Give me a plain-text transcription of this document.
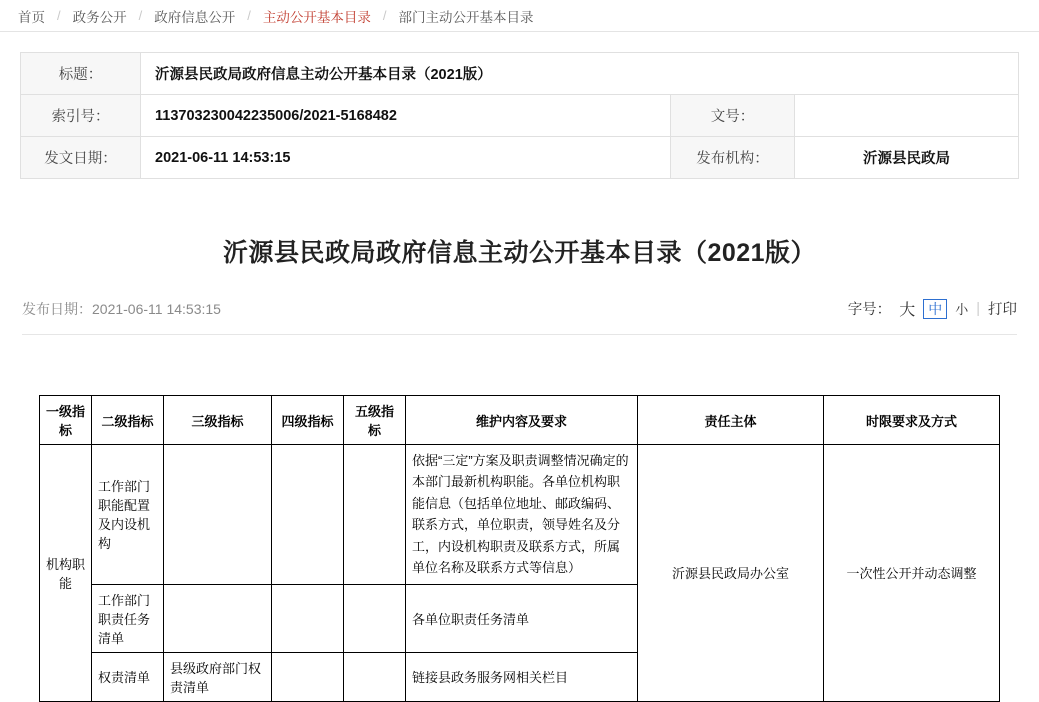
首页 / 政务公开 / 政府信息公开 / 主动公开基本目录 / 部门主动公开基本目录
标题：	沂源县民政局政府信息主动公开基本目录（2021版）		
索引号：	113703230042235006/2021-5168482	文号：	
发文日期：	2021-06-11 14:53:15	发布机构：	沂源县民政局
沂源县民政局政府信息主动公开基本目录（2021版）
发布日期：2021-06-11 14:53:15	字号： 大 中	小 | 打印
一级指标	二级指标	三级指标	四级指标	五级指标	维护内容及要求	责任主体	时限要求及方式
机构职能	工作部门职能配置及内设机构				依据“三定”方案及职责调整情况确定的本部门最新机构职能。各单位机构职能信息（包括单位地址、邮政编码、联系方式，单位职责，领导姓名及分工，内设机构职责及联系方式，所属单位名称及联系方式等信息）	沂源县民政局办公室	一次性公开并动态调整
	工作部门职责任务清单				各单位职责任务清单		
	权责清单	县级政府部门权责清单			链接县政务服务网相关栏目		
